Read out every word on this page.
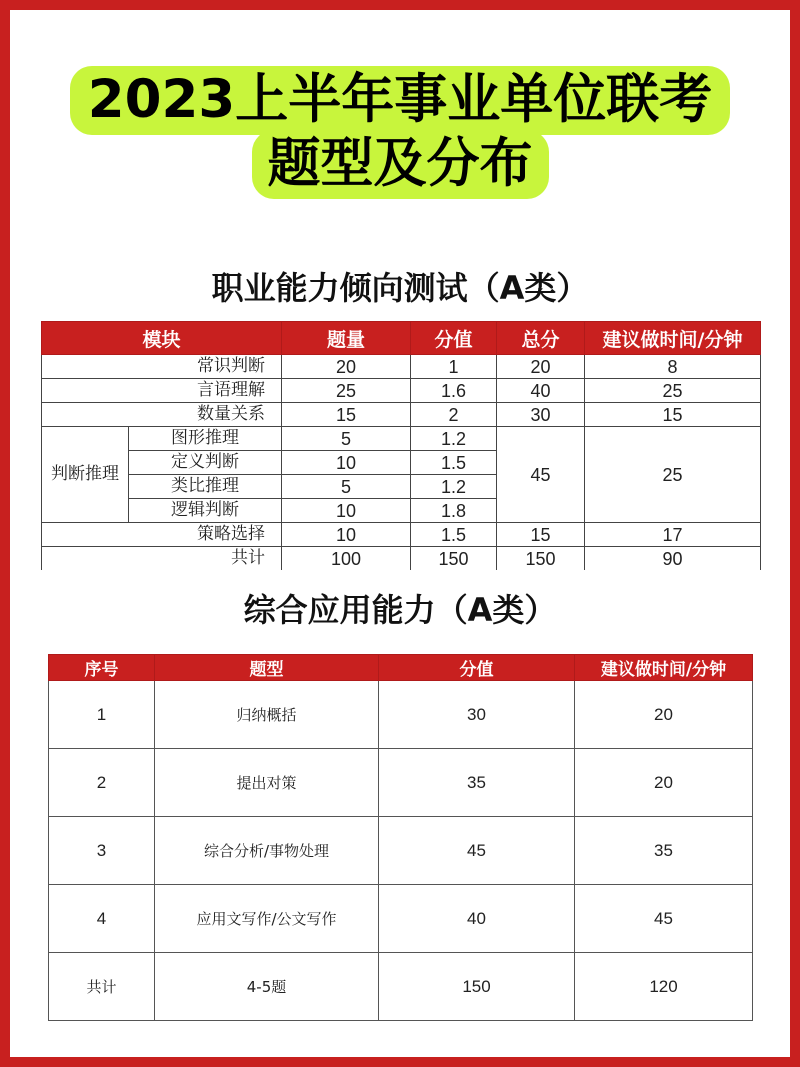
2023上半年事业单位联考
题型及分布
职业能力倾向测试（A类）
模块		题量	分值	总分	建议做时间/分钟
常识判断		20	1	20	8
言语理解		25	1.6	40	25
数量关系		15	2	30	15
判断推理	图形推理	5	1.2	45	25
	定义判断	10	1.5		
	类比推理	5	1.2		
	逻辑判断	10	1.8		
策略选择		10	1.5	15	17
共计		100	150	150	90
综合应用能力（A类）
序号	题型	分值	建议做时间/分钟
1	归纳概括	30	20
2	提出对策	35	20
3	综合分析/事物处理	45	35
4	应用文写作/公文写作	40	45
共计	4-5题	150	120
